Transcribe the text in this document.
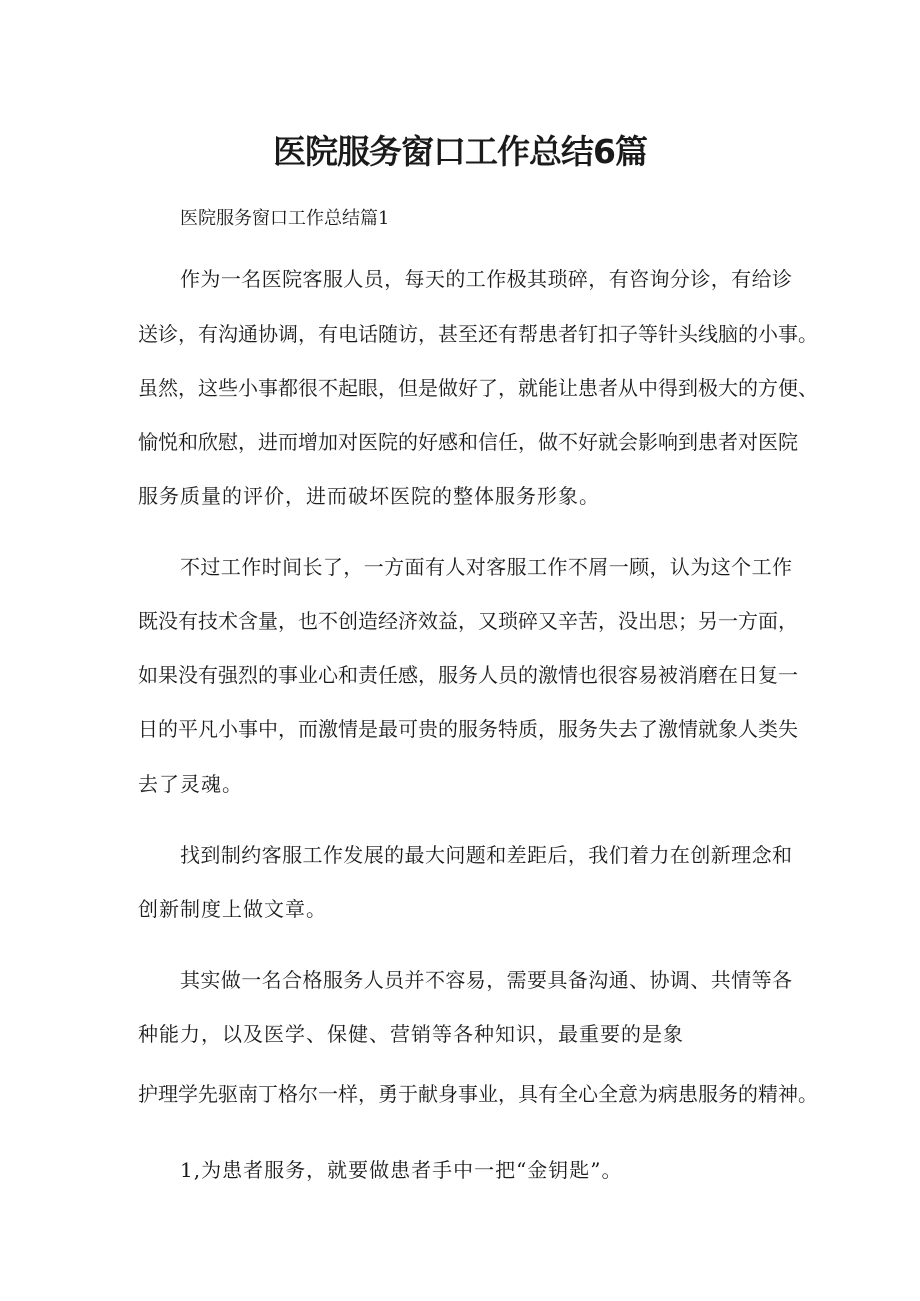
医院服务窗口工作总结6篇

医院服务窗口工作总结篇1

作为一名医院客服人员，每天的工作极其琐碎，有咨询分诊，有给诊

送诊，有沟通协调，有电话随访，甚至还有帮患者钉扣子等针头线脑的小事。

虽然，这些小事都很不起眼，但是做好了，就能让患者从中得到极大的方便、

愉悦和欣慰，进而增加对医院的好感和信任，做不好就会影响到患者对医院

服务质量的评价，进而破坏医院的整体服务形象。

不过工作时间长了，一方面有人对客服工作不屑一顾，认为这个工作

既没有技术含量，也不创造经济效益，又琐碎又辛苦，没出思；另一方面，

如果没有强烈的事业心和责任感，服务人员的激情也很容易被消磨在日复一

日的平凡小事中，而激情是最可贵的服务特质，服务失去了激情就象人类失

去了灵魂。

找到制约客服工作发展的最大问题和差距后，我们着力在创新理念和

创新制度上做文章。

其实做一名合格服务人员并不容易，需要具备沟通、协调、共情等各

种能力，以及医学、保健、营销等各种知识，最重要的是象

护理学先驱南丁格尔一样，勇于献身事业，具有全心全意为病患服务的精神。

1,为患者服务，就要做患者手中一把“金钥匙”。
